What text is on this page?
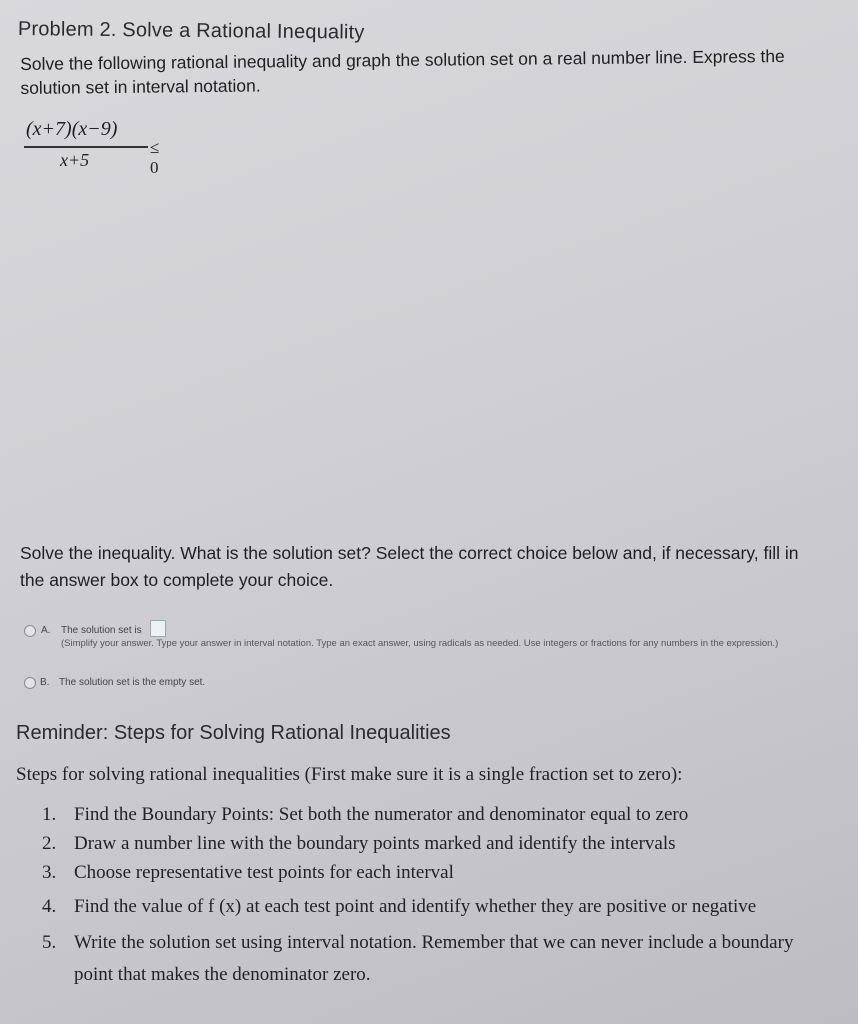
Problem 2. Solve a Rational Inequality
Solve the following rational inequality and graph the solution set on a real number line. Express the solution set in interval notation.
(x+7)(x−9)
x+5
≤ 0
Solve the inequality. What is the solution set? Select the correct choice below and, if necessary, fill in the answer box to complete your choice.
A. The solution set is
(Simplify your answer. Type your answer in interval notation. Type an exact answer, using radicals as needed. Use integers or fractions for any numbers in the expression.)
B. The solution set is the empty set.
Reminder: Steps for Solving Rational Inequalities
Steps for solving rational inequalities (First make sure it is a single fraction set to zero):
1. Find the Boundary Points: Set both the numerator and denominator equal to zero
2. Draw a number line with the boundary points marked and identify the intervals
3. Choose representative test points for each interval
4. Find the value of f (x) at each test point and identify whether they are positive or negative
5. Write the solution set using interval notation. Remember that we can never include a boundary point that makes the denominator zero.
